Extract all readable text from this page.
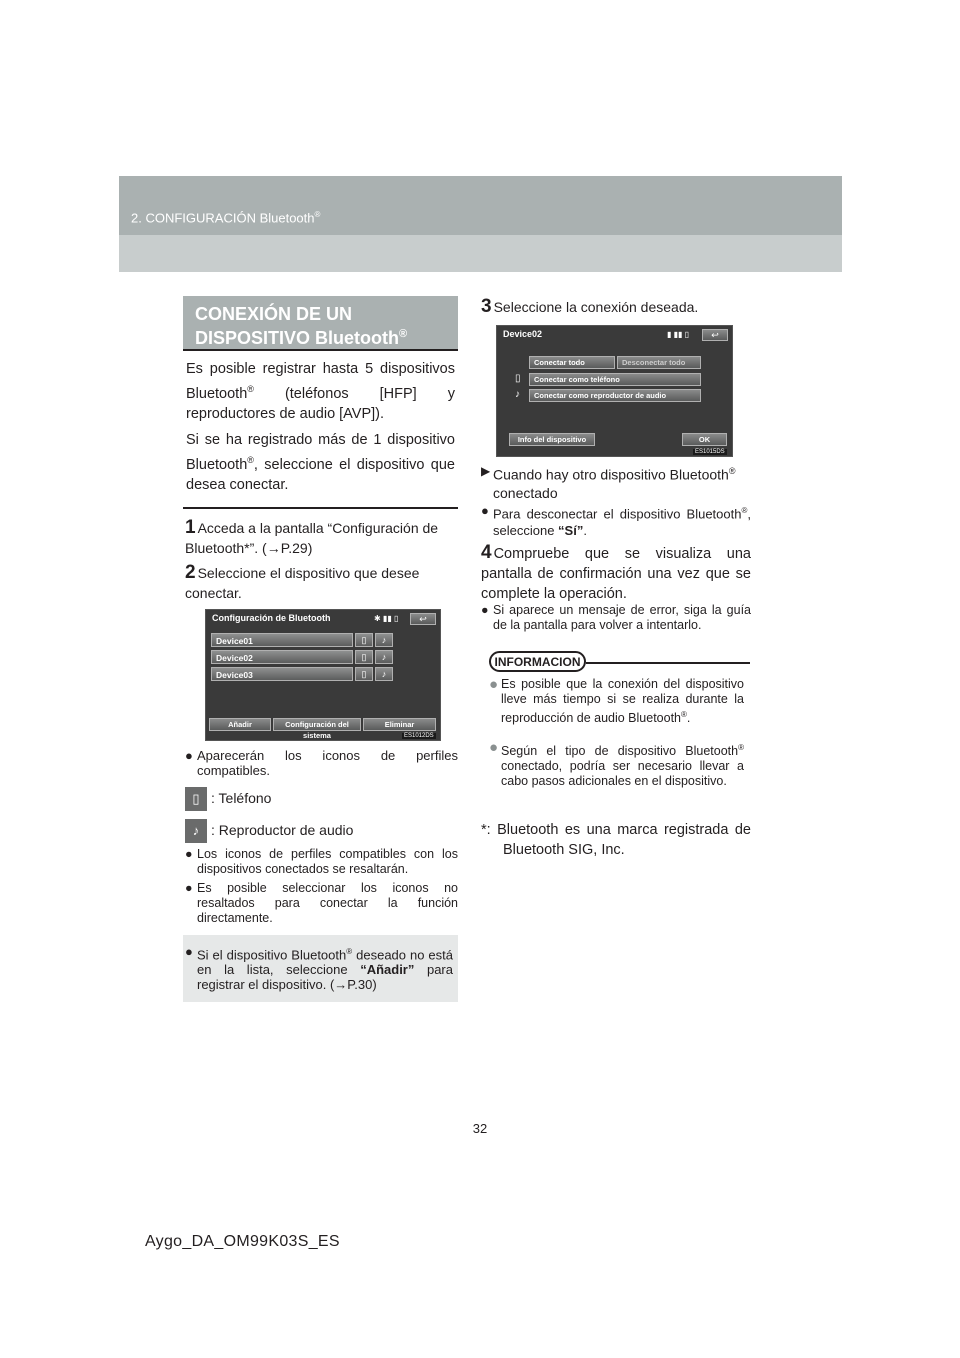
2. CONFIGURACIÓN Bluetooth®
CONEXIÓN DE UN
DISPOSITIVO Bluetooth®

Es posible registrar hasta 5 dispositivos Bluetooth® (teléfonos [HFP] y reproductores de audio [AVP]).

Si se ha registrado más de 1 dispositivo Bluetooth®, seleccione el dispositivo que desea conectar.

1 Acceda a la pantalla “Configuración de Bluetooth*”. (→P.29)
2 Seleccione el dispositivo que desee conectar.
Configuración de Bluetooth	↩
✱ ▮▮ ▯
Device01	▯	♪
Device02	▯	♪
Device03	▯	♪
Añadir	Configuración del sistema
Eliminar
ES1012DS
● Aparecerán los iconos de perfiles compatibles.
▯ : Teléfono
♪ : Reproductor de audio
● Los iconos de perfiles compatibles con los dispositivos conectados se resaltarán.
● Es posible seleccionar los iconos no resaltados para conectar la función directamente.
● Si el dispositivo Bluetooth® deseado no está en la lista, seleccione “Añadir” para registrar el dispositivo. (→P.30)
3 Seleccione la conexión deseada.
Device02	↩
▮ ▮▮ ▯
Conectar todo	Desconectar todo
▯	Conectar como teléfono
♪	Conectar como reproductor de audio
Info del dispositivo	OK
ES1015DS
▶ Cuando hay otro dispositivo Bluetooth®
conectado
● Para desconectar el dispositivo Bluetooth®, seleccione “Sí”.
4 Compruebe que se visualiza una pantalla de confirmación una vez que se complete la operación.
● Si aparece un mensaje de error, siga la guía de la pantalla para volver a intentarlo.
INFORMACION
● Es posible que la conexión del dispositivo lleve más tiempo si se realiza durante la reproducción de audio Bluetooth®.
● Según el tipo de dispositivo Bluetooth® conectado, podría ser necesario llevar a cabo pasos adicionales en el dispositivo.
*: Bluetooth es una marca registrada de Bluetooth SIG, Inc.
32
Aygo_DA_OM99K03S_ES
